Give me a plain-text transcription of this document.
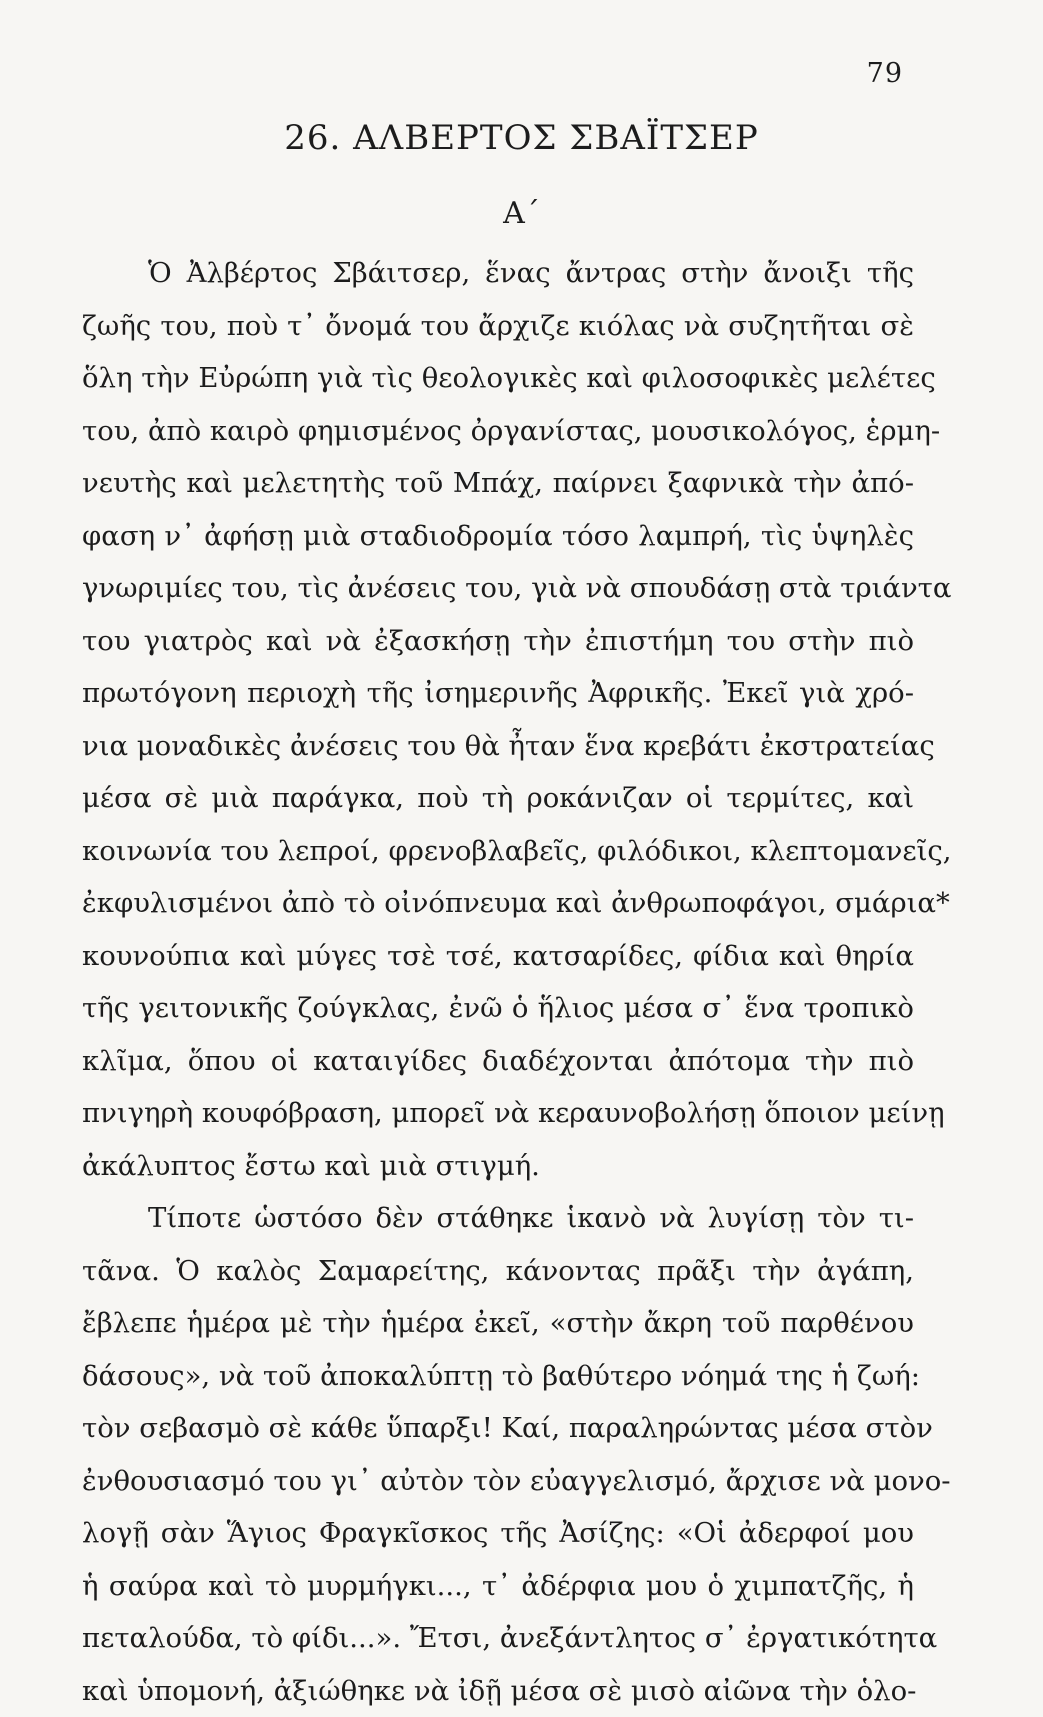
79
26. ΑΛΒΕΡΤΟΣ ΣΒΑΪΤΣΕΡ
Α΄
Ὁ Ἀλβέρτος Σβάιτσερ, ἕνας ἄντρας στὴν ἄνοιξι τῆς
ζωῆς του, ποὺ τ᾽ ὄνομά του ἄρχιζε κιόλας νὰ συζητῆται σὲ
ὅλη τὴν Εὐρώπη γιὰ τὶς θεολογικὲς καὶ φιλοσοφικὲς μελέτες
του, ἀπὸ καιρὸ φημισμένος ὀργανίστας, μουσικολόγος, ἑρμη-
νευτὴς καὶ μελετητὴς τοῦ Μπάχ, παίρνει ξαφνικὰ τὴν ἀπό-
φαση ν᾽ ἀφήσῃ μιὰ σταδιοδρομία τόσο λαμπρή, τὶς ὑψηλὲς
γνωριμίες του, τὶς ἀνέσεις του, γιὰ νὰ σπουδάσῃ στὰ τριάντα
του γιατρὸς καὶ νὰ ἐξασκήσῃ τὴν ἐπιστήμη του στὴν πιὸ
πρωτόγονη περιοχὴ τῆς ἰσημερινῆς Ἀφρικῆς. Ἐκεῖ γιὰ χρό-
νια μοναδικὲς ἀνέσεις του θὰ ἦταν ἕνα κρεβάτι ἐκστρατείας
μέσα σὲ μιὰ παράγκα, ποὺ τὴ ροκάνιζαν οἱ τερμίτες, καὶ
κοινωνία του λεπροί, φρενοβλαβεῖς, φιλόδικοι, κλεπτομανεῖς,
ἐκφυλισμένοι ἀπὸ τὸ οἰνόπνευμα καὶ ἀνθρωποφάγοι, σμάρια*
κουνούπια καὶ μύγες τσὲ τσέ, κατσαρίδες, φίδια καὶ θηρία
τῆς γειτονικῆς ζούγκλας, ἐνῶ ὁ ἥλιος μέσα σ᾽ ἕνα τροπικὸ
κλῖμα, ὅπου οἱ καταιγίδες διαδέχονται ἀπότομα τὴν πιὸ
πνιγηρὴ κουφόβραση, μπορεῖ νὰ κεραυνοβολήσῃ ὅποιον μείνῃ
ἀκάλυπτος ἔστω καὶ μιὰ στιγμή.
Τίποτε ὡστόσο δὲν στάθηκε ἱκανὸ νὰ λυγίσῃ τὸν τι-
τᾶνα. Ὁ καλὸς Σαμαρείτης, κάνοντας πρᾶξι τὴν ἀγάπη,
ἔβλεπε ἡμέρα μὲ τὴν ἡμέρα ἐκεῖ, «στὴν ἄκρη τοῦ παρθένου
δάσους», νὰ τοῦ ἀποκαλύπτῃ τὸ βαθύτερο νόημά της ἡ ζωή:
τὸν σεβασμὸ σὲ κάθε ὕπαρξι! Καί, παραληρώντας μέσα στὸν
ἐνθουσιασμό του γι᾽ αὐτὸν τὸν εὐαγγελισμό, ἄρχισε νὰ μονο-
λογῇ σὰν Ἅγιος Φραγκῖσκος τῆς Ἀσίζης: «Οἱ ἀδερφοί μου
ἡ σαύρα καὶ τὸ μυρμήγκι..., τ᾽ ἀδέρφια μου ὁ χιμπατζῆς, ἡ
πεταλούδα, τὸ φίδι...». Ἔτσι, ἀνεξάντλητος σ᾽ ἐργατικότητα
καὶ ὑπομονή, ἀξιώθηκε νὰ ἰδῇ μέσα σὲ μισὸ αἰῶνα τὴν ὁλο-
